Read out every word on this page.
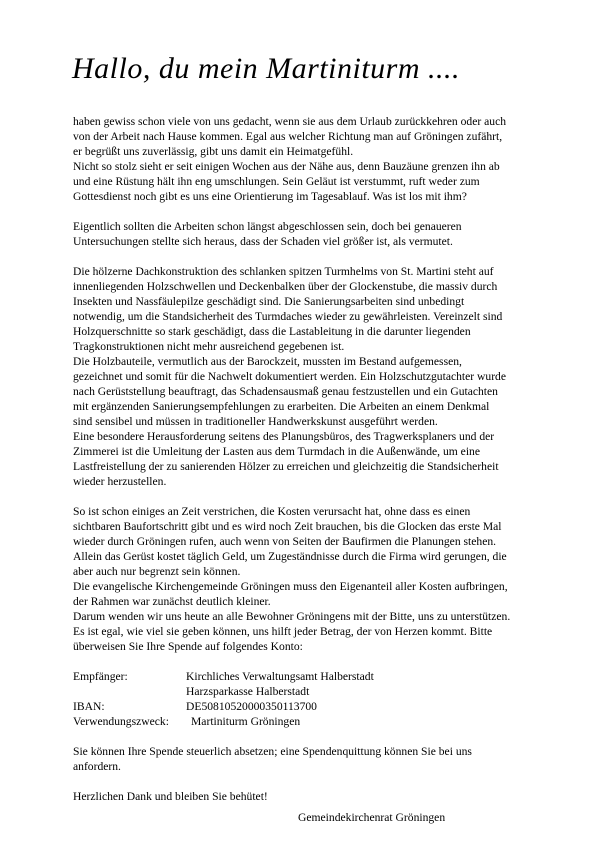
Hallo, du mein Martiniturm ....

haben gewiss schon viele von uns gedacht, wenn sie aus dem Urlaub zurückkehren oder auch
von der Arbeit nach Hause kommen. Egal aus welcher Richtung man auf Gröningen zufährt,
er begrüßt uns zuverlässig, gibt uns damit ein Heimatgefühl.
Nicht so stolz sieht er seit einigen Wochen aus der Nähe aus, denn Bauzäune grenzen ihn ab
und eine Rüstung hält ihn eng umschlungen. Sein Geläut ist verstummt, ruft weder zum
Gottesdienst noch gibt es uns eine Orientierung im Tagesablauf. Was ist los mit ihm?

Eigentlich sollten die Arbeiten schon längst abgeschlossen sein, doch bei genaueren
Untersuchungen stellte sich heraus, dass der Schaden viel größer ist, als vermutet.

Die hölzerne Dachkonstruktion des schlanken spitzen Turmhelms von St. Martini steht auf
innenliegenden Holzschwellen und Deckenbalken über der Glockenstube, die massiv durch
Insekten und Nassfäulepilze geschädigt sind. Die Sanierungsarbeiten sind unbedingt
notwendig, um die Standsicherheit des Turmdaches wieder zu gewährleisten. Vereinzelt sind
Holzquerschnitte so stark geschädigt, dass die Lastableitung in die darunter liegenden
Tragkonstruktionen nicht mehr ausreichend gegebenen ist.
Die Holzbauteile, vermutlich aus der Barockzeit, mussten im Bestand aufgemessen,
gezeichnet und somit für die Nachwelt dokumentiert werden. Ein Holzschutzgutachter wurde
nach Gerüststellung beauftragt, das Schadensausmaß genau festzustellen und ein Gutachten
mit ergänzenden Sanierungsempfehlungen zu erarbeiten. Die Arbeiten an einem Denkmal
sind sensibel und müssen in traditioneller Handwerkskunst ausgeführt werden.
Eine besondere Herausforderung seitens des Planungsbüros, des Tragwerksplaners und der
Zimmerei ist die Umleitung der Lasten aus dem Turmdach in die Außenwände, um eine
Lastfreistellung der zu sanierenden Hölzer zu erreichen und gleichzeitig die Standsicherheit
wieder herzustellen.

So ist schon einiges an Zeit verstrichen, die Kosten verursacht hat, ohne dass es einen
sichtbaren Baufortschritt gibt und es wird noch Zeit brauchen, bis die Glocken das erste Mal
wieder durch Gröningen rufen, auch wenn von Seiten der Baufirmen die Planungen stehen.
Allein das Gerüst kostet täglich Geld, um Zugeständnisse durch die Firma wird gerungen, die
aber auch nur begrenzt sein können.
Die evangelische Kirchengemeinde Gröningen muss den Eigenanteil aller Kosten aufbringen,
der Rahmen war zunächst deutlich kleiner.
Darum wenden wir uns heute an alle Bewohner Gröningens mit der Bitte, uns zu unterstützen.
Es ist egal, wie viel sie geben können, uns hilft jeder Betrag, der von Herzen kommt. Bitte
überweisen Sie Ihre Spende auf folgendes Konto:

Empfänger:	Kirchliches Verwaltungsamt Halberstadt
Harzsparkasse Halberstadt
IBAN:	DE50810520000350113700
Verwendungszweck:	Martiniturm Gröningen

Sie können Ihre Spende steuerlich absetzen; eine Spendenquittung können Sie bei uns
anfordern.

Herzlichen Dank und bleiben Sie behütet!

Gemeindekirchenrat Gröningen
